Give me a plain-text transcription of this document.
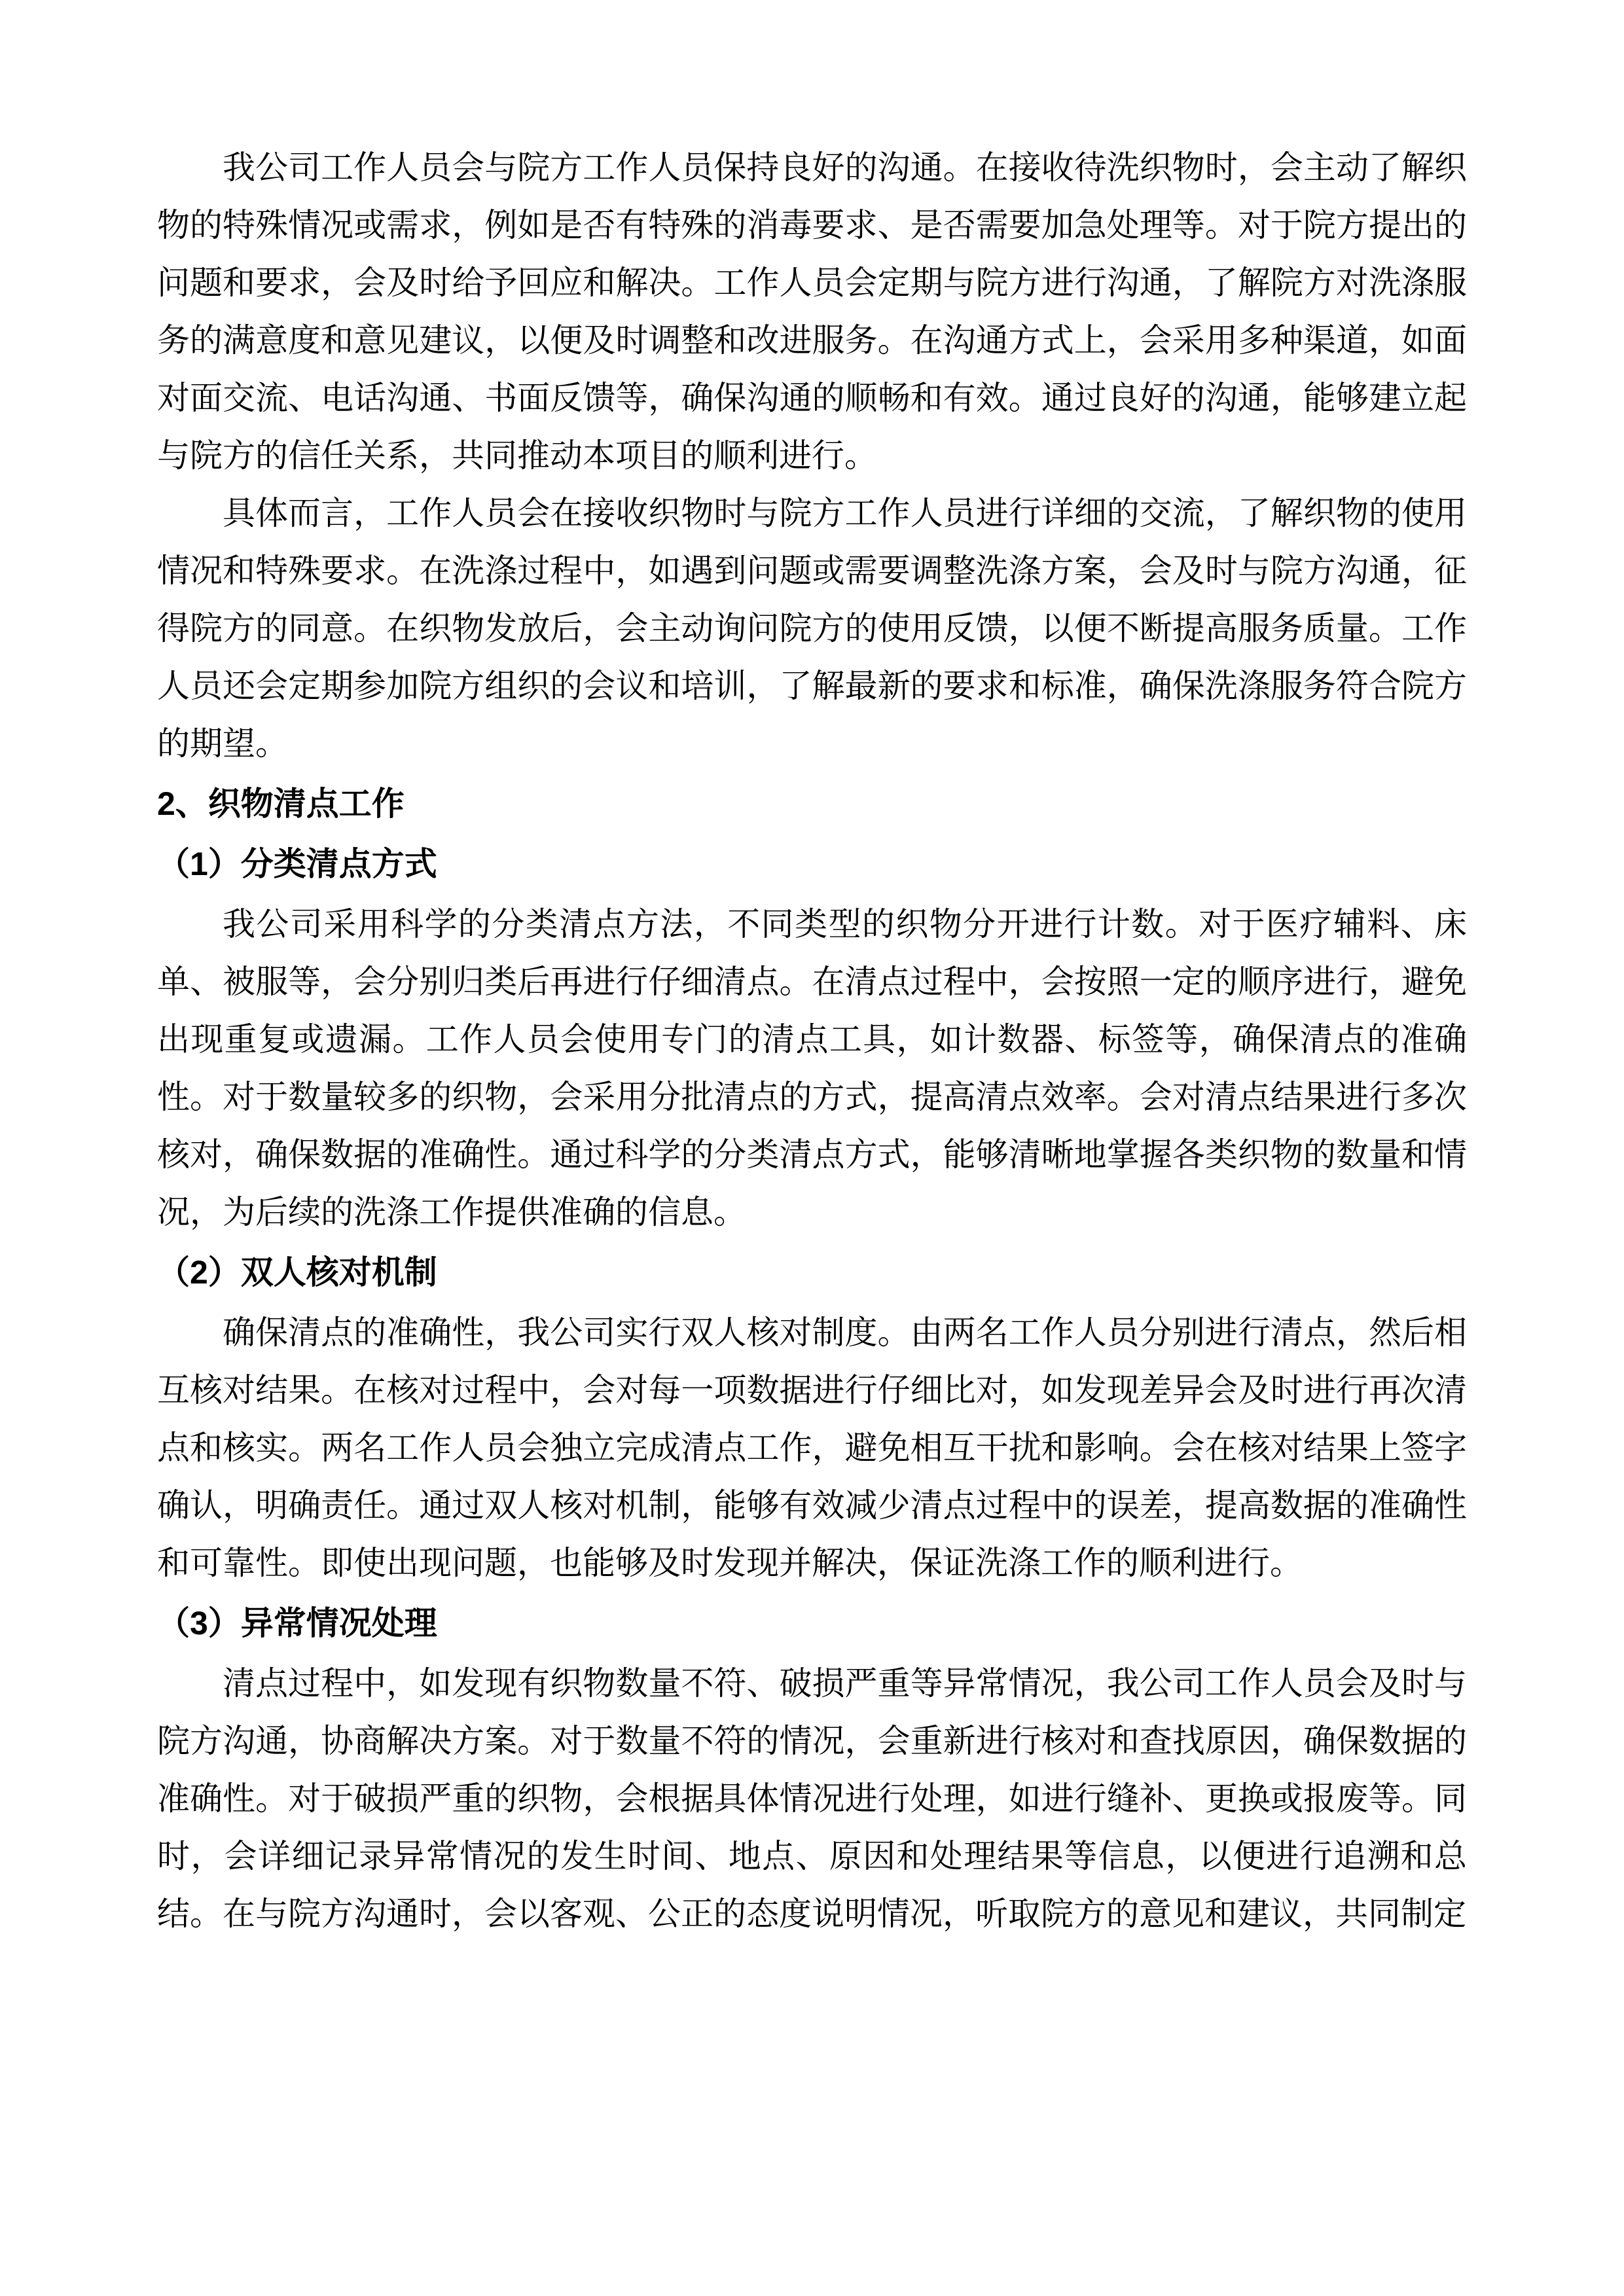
我公司工作人员会与院方工作人员保持良好的沟通。在接收待洗织物时，会主动了解织物的特殊情况或需求，例如是否有特殊的消毒要求、是否需要加急处理等。对于院方提出的问题和要求，会及时给予回应和解决。工作人员会定期与院方进行沟通，了解院方对洗涤服务的满意度和意见建议，以便及时调整和改进服务。在沟通方式上，会采用多种渠道，如面对面交流、电话沟通、书面反馈等，确保沟通的顺畅和有效。通过良好的沟通，能够建立起与院方的信任关系，共同推动本项目的顺利进行。

具体而言，工作人员会在接收织物时与院方工作人员进行详细的交流，了解织物的使用情况和特殊要求。在洗涤过程中，如遇到问题或需要调整洗涤方案，会及时与院方沟通，征得院方的同意。在织物发放后，会主动询问院方的使用反馈，以便不断提高服务质量。工作人员还会定期参加院方组织的会议和培训，了解最新的要求和标准，确保洗涤服务符合院方的期望。

2、织物清点工作

（1）分类清点方式

我公司采用科学的分类清点方法，不同类型的织物分开进行计数。对于医疗辅料、床单、被服等，会分别归类后再进行仔细清点。在清点过程中，会按照一定的顺序进行，避免出现重复或遗漏。工作人员会使用专门的清点工具，如计数器、标签等，确保清点的准确性。对于数量较多的织物，会采用分批清点的方式，提高清点效率。会对清点结果进行多次核对，确保数据的准确性。通过科学的分类清点方式，能够清晰地掌握各类织物的数量和情况，为后续的洗涤工作提供准确的信息。

（2）双人核对机制

确保清点的准确性，我公司实行双人核对制度。由两名工作人员分别进行清点，然后相互核对结果。在核对过程中，会对每一项数据进行仔细比对，如发现差异会及时进行再次清点和核实。两名工作人员会独立完成清点工作，避免相互干扰和影响。会在核对结果上签字确认，明确责任。通过双人核对机制，能够有效减少清点过程中的误差，提高数据的准确性和可靠性。即使出现问题，也能够及时发现并解决，保证洗涤工作的顺利进行。

（3）异常情况处理

清点过程中，如发现有织物数量不符、破损严重等异常情况，我公司工作人员会及时与院方沟通，协商解决方案。对于数量不符的情况，会重新进行核对和查找原因，确保数据的准确性。对于破损严重的织物，会根据具体情况进行处理，如进行缝补、更换或报废等。同时，会详细记录异常情况的发生时间、地点、原因和处理结果等信息，以便进行追溯和总结。在与院方沟通时，会以客观、公正的态度说明情况，听取院方的意见和建议，共同制定
